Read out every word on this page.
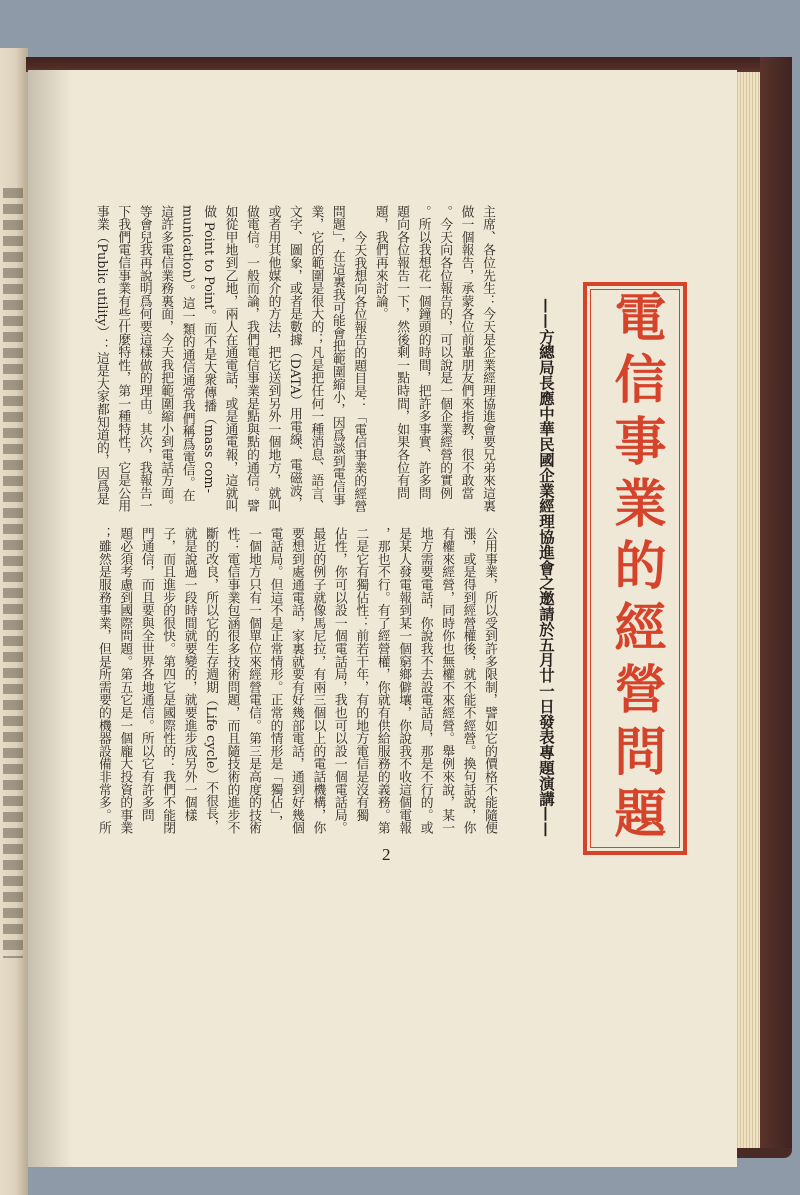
電信事業的經營問題
——方總局長應中華民國企業經理協進會之邀請於五月廿一日發表專題演講——
主席、各位先生：今天是企業經理協進會要兄弟來這裏
做一個報告，承蒙各位前輩朋友們來指教，很不敢當
。今天向各位報告的，可以說是一個企業經營的實例
。所以我想花一個鐘頭的時間，把許多事實、許多問
題向各位報告一下，然後剩一點時間，如果各位有問
題，我們再來討論。
今天我想向各位報告的題目是：「電信事業的經營
問題」，在這裏我可能會把範圍縮小，因爲談到電信事
業，它的範圍是很大的；凡是把任何一種消息、語言、
文字、圖象，或者是數據（DATA）用電線、電磁波，
或者用其他媒介的方法，把它送到另外一個地方，就叫
做電信。一般而論，我們電信事業是點與點的通信。譬
如從甲地到乙地，兩人在通電話，或是通電報，這就叫
做 Point to Point。而不是大衆傳播（mass com-
munication）。這一類的通信通常我們稱爲電信。在
這許多電信業務裏面，今天我把範圍縮小到電話方面。
等會兒我再說明爲何要這樣做的理由。其次，我報告一
下我們電信事業有些什麼特性，第一種特性，它是公用
事業（Public utility）：這是大家都知道的，因爲是
公用事業，所以受到許多限制，譬如它的價格不能隨便
漲，或是得到經營權後，就不能不經營。換句話說，你
有權來經營，同時你也無權不來經營。舉例來說，某一
地方需要電話，你說我不去設電話局，那是不行的。或
是某人發電報到某一個窮鄉僻壤，你說我不收這個電報
，那也不行。有了經營權，你就有供給服務的義務。第
二是它有獨佔性：前若干年，有的地方電信是沒有獨
佔性，你可以設一個電話局，我也可以設一個電話局。
最近的例子就像馬尼拉，有兩三個以上的電話機構，你
要想到處通電話，家裏就要有好幾部電話，通到好幾個
電話局。但這不是正常情形。正常的情形是「獨佔」，
一個地方只有一個單位來經營電信。第三是高度的技術
性：電信事業包涵很多技術問題，而且隨技術的進步不
斷的改良，所以它的生存週期（Life cycle）不很長，
就是說過一段時間就要變的，就要進步成另外一個樣
子，而且進步的很快。第四它是國際性的：我們不能閉
門通信，而且要與全世界各地通信。所以它有許多問
題必須考慮到國際問題。第五它是一個龐大投資的事業
；雖然是服務事業，但是所需要的機器設備非常多。所
2
